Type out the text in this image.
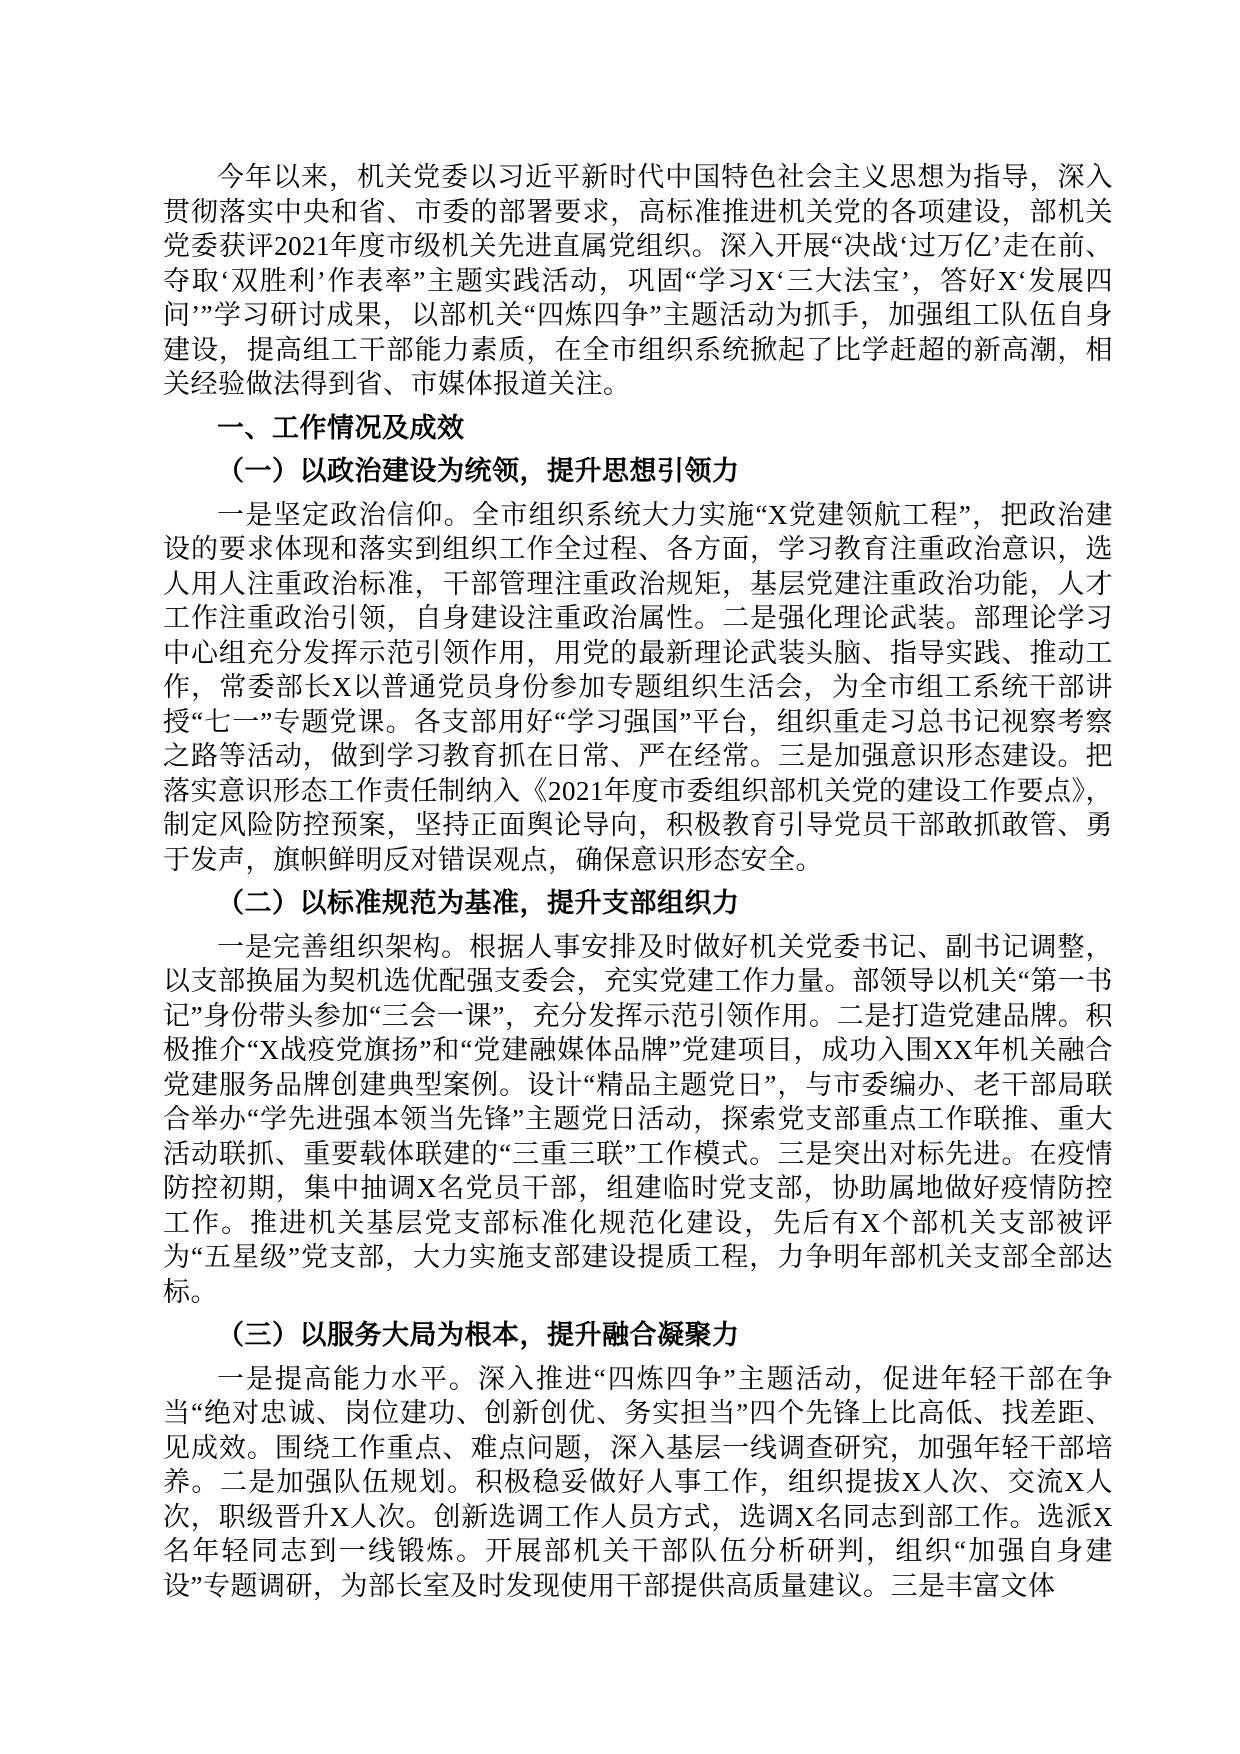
今年以来，机关党委以习近平新时代中国特色社会主义思想为指导，深入贯彻落实中央和省、市委的部署要求，高标准推进机关党的各项建设，部机关党委获评2021年度市级机关先进直属党组织。深入开展“决战‘过万亿’走在前、夺取‘双胜利’作表率”主题实践活动，巩固“学习X‘三大法宝’，答好X‘发展四问’”学习研讨成果，以部机关“四炼四争”主题活动为抓手，加强组工队伍自身建设，提高组工干部能力素质，在全市组织系统掀起了比学赶超的新高潮，相关经验做法得到省、市媒体报道关注。

一、工作情况及成效
（一）以政治建设为统领，提升思想引领力

一是坚定政治信仰。全市组织系统大力实施“X党建领航工程”，把政治建设的要求体现和落实到组织工作全过程、各方面，学习教育注重政治意识，选人用人注重政治标准，干部管理注重政治规矩，基层党建注重政治功能，人才工作注重政治引领，自身建设注重政治属性。二是强化理论武装。部理论学习中心组充分发挥示范引领作用，用党的最新理论武装头脑、指导实践、推动工作，常委部长X以普通党员身份参加专题组织生活会，为全市组工系统干部讲授“七一”专题党课。各支部用好“学习强国”平台，组织重走习总书记视察考察之路等活动，做到学习教育抓在日常、严在经常。三是加强意识形态建设。把落实意识形态工作责任制纳入《2021年度市委组织部机关党的建设工作要点》，制定风险防控预案，坚持正面舆论导向，积极教育引导党员干部敢抓敢管、勇于发声，旗帜鲜明反对错误观点，确保意识形态安全。

（二）以标准规范为基准，提升支部组织力

一是完善组织架构。根据人事安排及时做好机关党委书记、副书记调整，以支部换届为契机选优配强支委会，充实党建工作力量。部领导以机关“第一书记”身份带头参加“三会一课”，充分发挥示范引领作用。二是打造党建品牌。积极推介“X战疫党旗扬”和“党建融媒体品牌”党建项目，成功入围XX年机关融合党建服务品牌创建典型案例。设计“精品主题党日”，与市委编办、老干部局联合举办“学先进强本领当先锋”主题党日活动，探索党支部重点工作联推、重大活动联抓、重要载体联建的“三重三联”工作模式。三是突出对标先进。在疫情防控初期，集中抽调X名党员干部，组建临时党支部，协助属地做好疫情防控工作。推进机关基层党支部标准化规范化建设，先后有X个部机关支部被评为“五星级”党支部，大力实施支部建设提质工程，力争明年部机关支部全部达标。

（三）以服务大局为根本，提升融合凝聚力

一是提高能力水平。深入推进“四炼四争”主题活动，促进年轻干部在争当“绝对忠诚、岗位建功、创新创优、务实担当”四个先锋上比高低、找差距、见成效。围绕工作重点、难点问题，深入基层一线调查研究，加强年轻干部培养。二是加强队伍规划。积极稳妥做好人事工作，组织提拔X人次、交流X人次，职级晋升X人次。创新选调工作人员方式，选调X名同志到部工作。选派X名年轻同志到一线锻炼。开展部机关干部队伍分析研判，组织“加强自身建设”专题调研，为部长室及时发现使用干部提供高质量建议。三是丰富文体
